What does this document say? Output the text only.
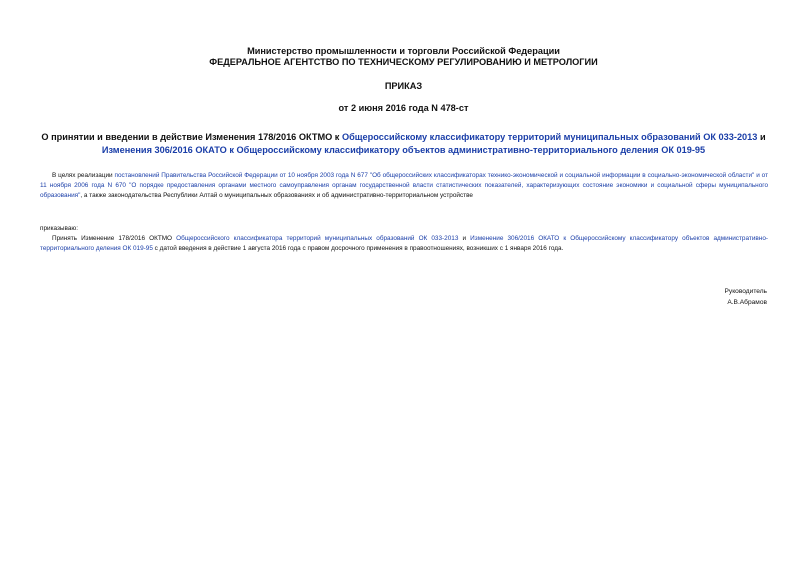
Министерство промышленности и торговли Российской Федерации
ФЕДЕРАЛЬНОЕ АГЕНТСТВО ПО ТЕХНИЧЕСКОМУ РЕГУЛИРОВАНИЮ И МЕТРОЛОГИИ
ПРИКАЗ
от 2 июня 2016 года N 478-ст
О принятии и введении в действие Изменения 178/2016 ОКТМО к Общероссийскому классификатору территорий муниципальных образований ОК 033-2013 и Изменения 306/2016 ОКАТО к Общероссийскому классификатору объектов административно-территориального деления ОК 019-95
В целях реализации постановлений Правительства Российской Федерации от 10 ноября 2003 года N 677 "Об общероссийских классификаторах технико-экономической и социальной информации в социально-экономической области" и от 11 ноября 2006 года N 670 "О порядке предоставления органами местного самоуправления органам государственной власти статистических показателей, характеризующих состояние экономики и социальной сферы муниципального образования", а также законодательства Республики Алтай о муниципальных образованиях и об административно-территориальном устройстве
приказываю:
Принять Изменение 178/2016 ОКТМО Общероссийского классификатора территорий муниципальных образований ОК 033-2013 и Изменение 306/2016 ОКАТО к Общероссийскому классификатору объектов административно-территориального деления ОК 019-95 с датой введения в действие 1 августа 2016 года с правом досрочного применения в правоотношениях, возникших с 1 января 2016 года.
Руководитель
А.В.Абрамов
